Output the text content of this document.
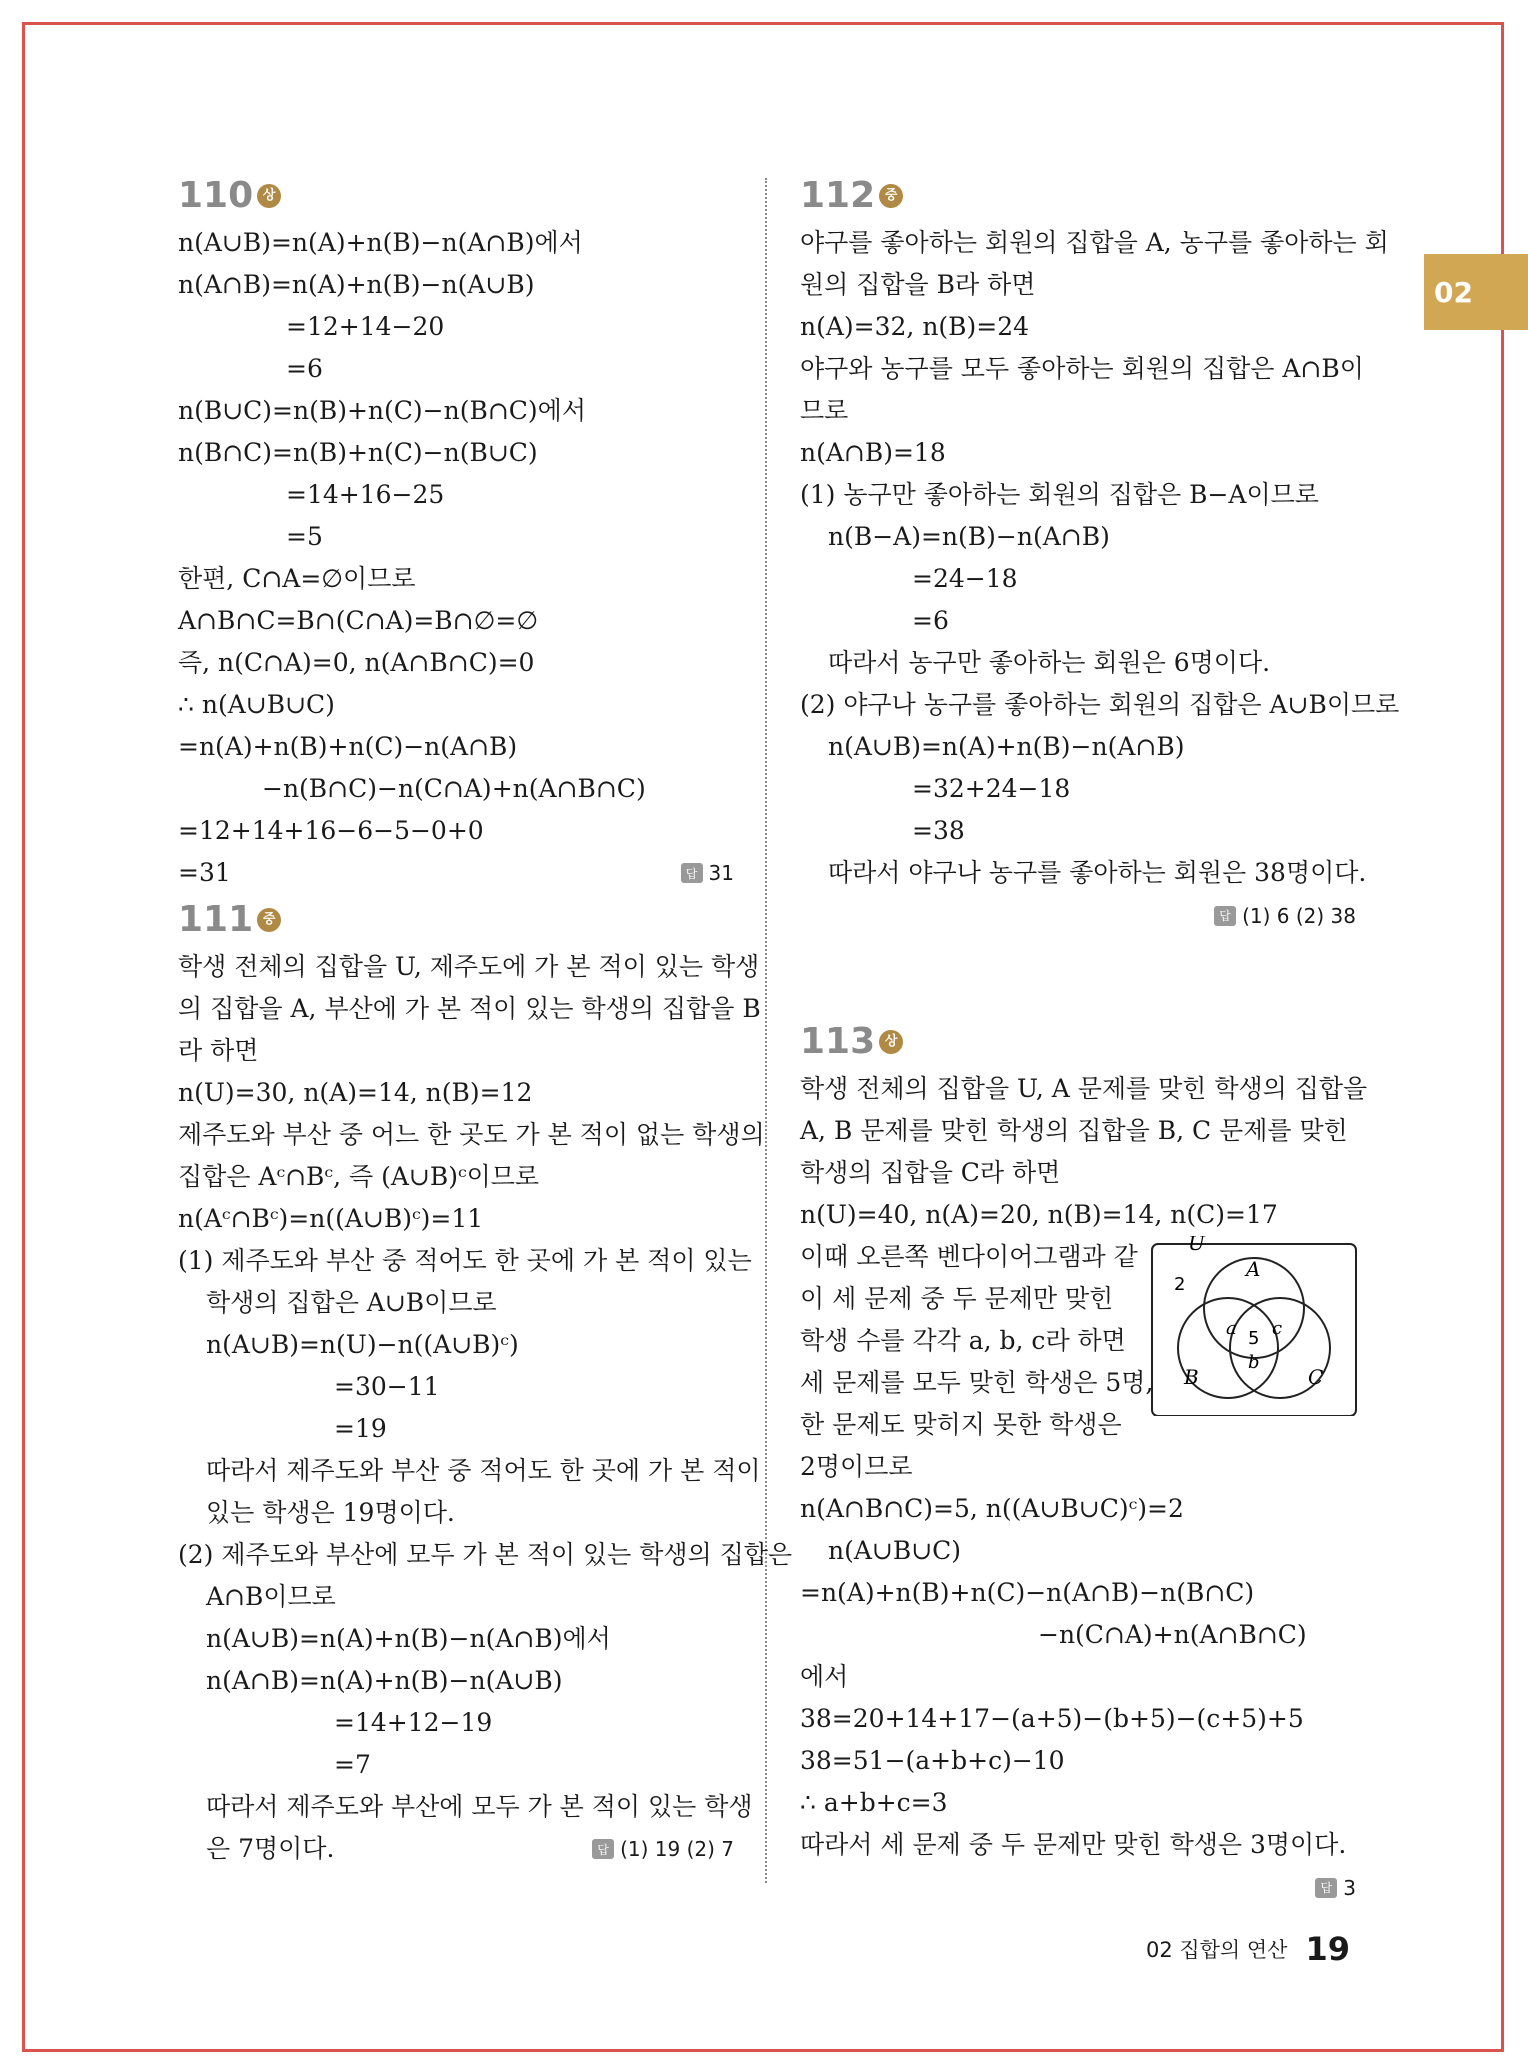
02
110 상
n(A∪B)=n(A)+n(B)−n(A∩B)에서
n(A∩B)=n(A)+n(B)−n(A∪B)
=12+14−20
=6
n(B∪C)=n(B)+n(C)−n(B∩C)에서
n(B∩C)=n(B)+n(C)−n(B∪C)
=14+16−25
=5
한편, C∩A=∅이므로
A∩B∩C=B∩(C∩A)=B∩∅=∅
즉, n(C∩A)=0, n(A∩B∩C)=0
∴ n(A∪B∪C)
=n(A)+n(B)+n(C)−n(A∩B)
−n(B∩C)−n(C∩A)+n(A∩B∩C)
=12+14+16−6−5−0+0
=31	답 31
111 중
학생 전체의 집합을 U, 제주도에 가 본 적이 있는 학생
의 집합을 A, 부산에 가 본 적이 있는 학생의 집합을 B
라 하면
n(U)=30, n(A)=14, n(B)=12
제주도와 부산 중 어느 한 곳도 가 본 적이 없는 학생의
집합은 Aᶜ∩Bᶜ, 즉 (A∪B)ᶜ이므로
n(Aᶜ∩Bᶜ)=n((A∪B)ᶜ)=11
(1) 제주도와 부산 중 적어도 한 곳에 가 본 적이 있는
학생의 집합은 A∪B이므로
n(A∪B)=n(U)−n((A∪B)ᶜ)
=30−11
=19
따라서 제주도와 부산 중 적어도 한 곳에 가 본 적이
있는 학생은 19명이다.
(2) 제주도와 부산에 모두 가 본 적이 있는 학생의 집합은
A∩B이므로
n(A∪B)=n(A)+n(B)−n(A∩B)에서
n(A∩B)=n(A)+n(B)−n(A∪B)
=14+12−19
=7
따라서 제주도와 부산에 모두 가 본 적이 있는 학생
은 7명이다.	답 (1) 19 (2) 7
112 중
야구를 좋아하는 회원의 집합을 A, 농구를 좋아하는 회
원의 집합을 B라 하면
n(A)=32, n(B)=24
야구와 농구를 모두 좋아하는 회원의 집합은 A∩B이
므로
n(A∩B)=18
(1) 농구만 좋아하는 회원의 집합은 B−A이므로
n(B−A)=n(B)−n(A∩B)
=24−18
=6
따라서 농구만 좋아하는 회원은 6명이다.
(2) 야구나 농구를 좋아하는 회원의 집합은 A∪B이므로
n(A∪B)=n(A)+n(B)−n(A∩B)
=32+24−18
=38
따라서 야구나 농구를 좋아하는 회원은 38명이다.
답 (1) 6 (2) 38
113 상
학생 전체의 집합을 U, A 문제를 맞힌 학생의 집합을
A, B 문제를 맞힌 학생의 집합을 B, C 문제를 맞힌
학생의 집합을 C라 하면
n(U)=40, n(A)=20, n(B)=14, n(C)=17
이때 오른쪽 벤다이어그램과 같
이 세 문제 중 두 문제만 맞힌
학생 수를 각각 a, b, c라 하면
세 문제를 모두 맞힌 학생은 5명,
한 문제도 맞히지 못한 학생은
2명이므로
U
A
B	C
2
a c
b
5
n(A∩B∩C)=5, n((A∪B∪C)ᶜ)=2
n(A∪B∪C)
=n(A)+n(B)+n(C)−n(A∩B)−n(B∩C)
−n(C∩A)+n(A∩B∩C)
에서
38=20+14+17−(a+5)−(b+5)−(c+5)+5
38=51−(a+b+c)−10
∴ a+b+c=3
따라서 세 문제 중 두 문제만 맞힌 학생은 3명이다.
답 3
02 집합의 연산 19
